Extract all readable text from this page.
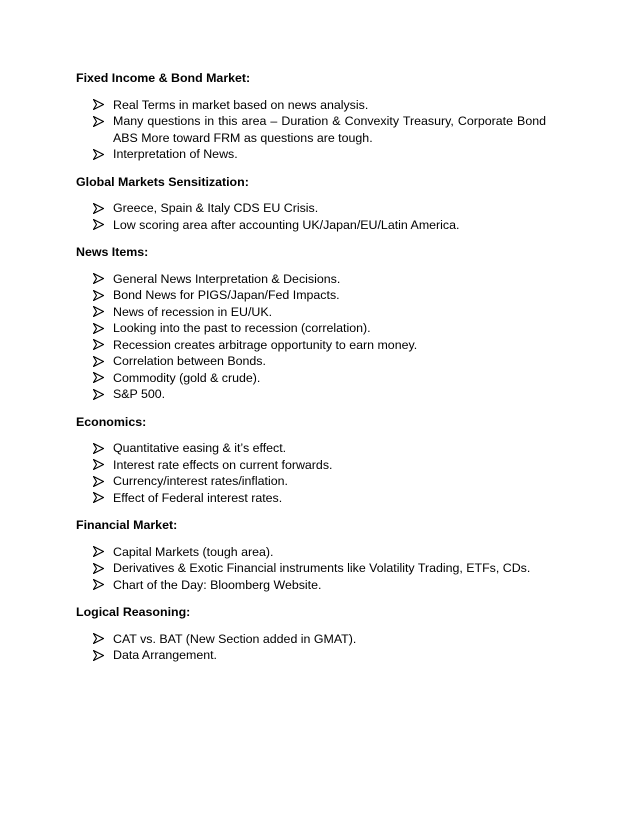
Fixed Income & Bond Market:

Real Terms in market based on news analysis.
Many questions in this area – Duration & Convexity Treasury, Corporate Bond ABS More toward FRM as questions are tough.
Interpretation of News.

Global Markets Sensitization:

Greece, Spain & Italy CDS EU Crisis.
Low scoring area after accounting UK/Japan/EU/Latin America.

News Items:

General News Interpretation & Decisions.
Bond News for PIGS/Japan/Fed Impacts.
News of recession in EU/UK.
Looking into the past to recession (correlation).
Recession creates arbitrage opportunity to earn money.
Correlation between Bonds.
Commodity (gold & crude).
S&P 500.

Economics:

Quantitative easing & it’s effect.
Interest rate effects on current forwards.
Currency/interest rates/inflation.
Effect of Federal interest rates.

Financial Market:

Capital Markets (tough area).
Derivatives & Exotic Financial instruments like Volatility Trading, ETFs, CDs.
Chart of the Day: Bloomberg Website.

Logical Reasoning:

CAT vs. BAT (New Section added in GMAT).
Data Arrangement.
